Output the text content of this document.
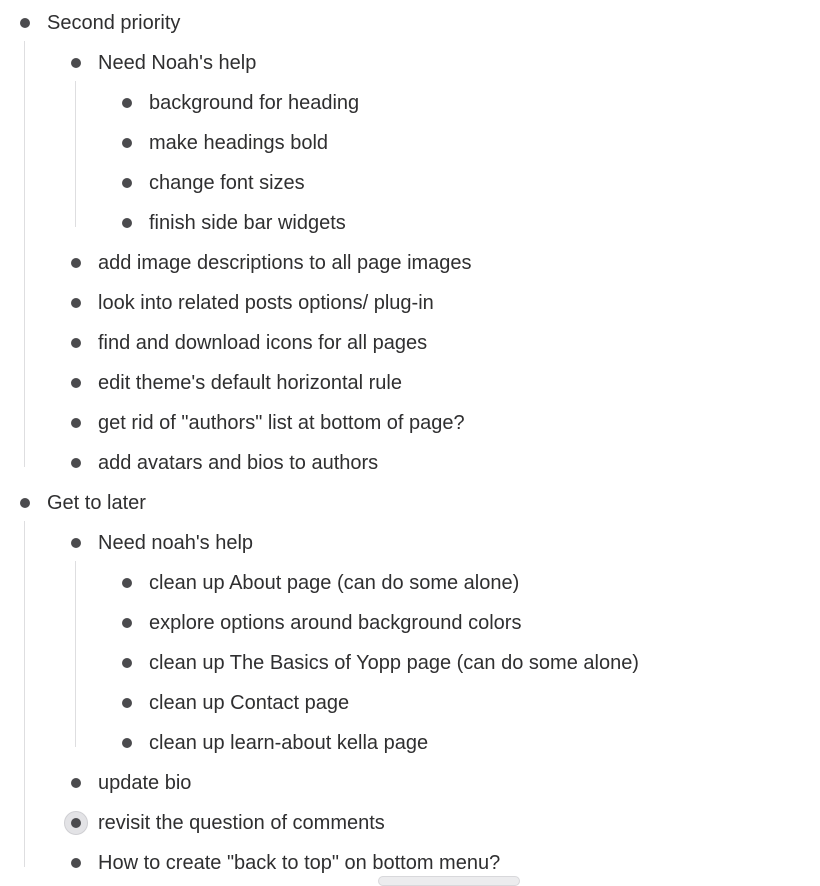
Second priority
Need Noah's help
background for heading
make headings bold
change font sizes
finish side bar widgets
add image descriptions to all page images
look into related posts options/ plug-in
find and download icons for all pages
edit theme's default horizontal rule
get rid of "authors" list at bottom of page?
add avatars and bios to authors
Get to later
Need noah's help
clean up About page (can do some alone)
explore options around background colors
clean up The Basics of Yopp page (can do some alone)
clean up Contact page
clean up learn-about kella page
update bio
revisit the question of comments
How to create "back to top" on bottom menu?
